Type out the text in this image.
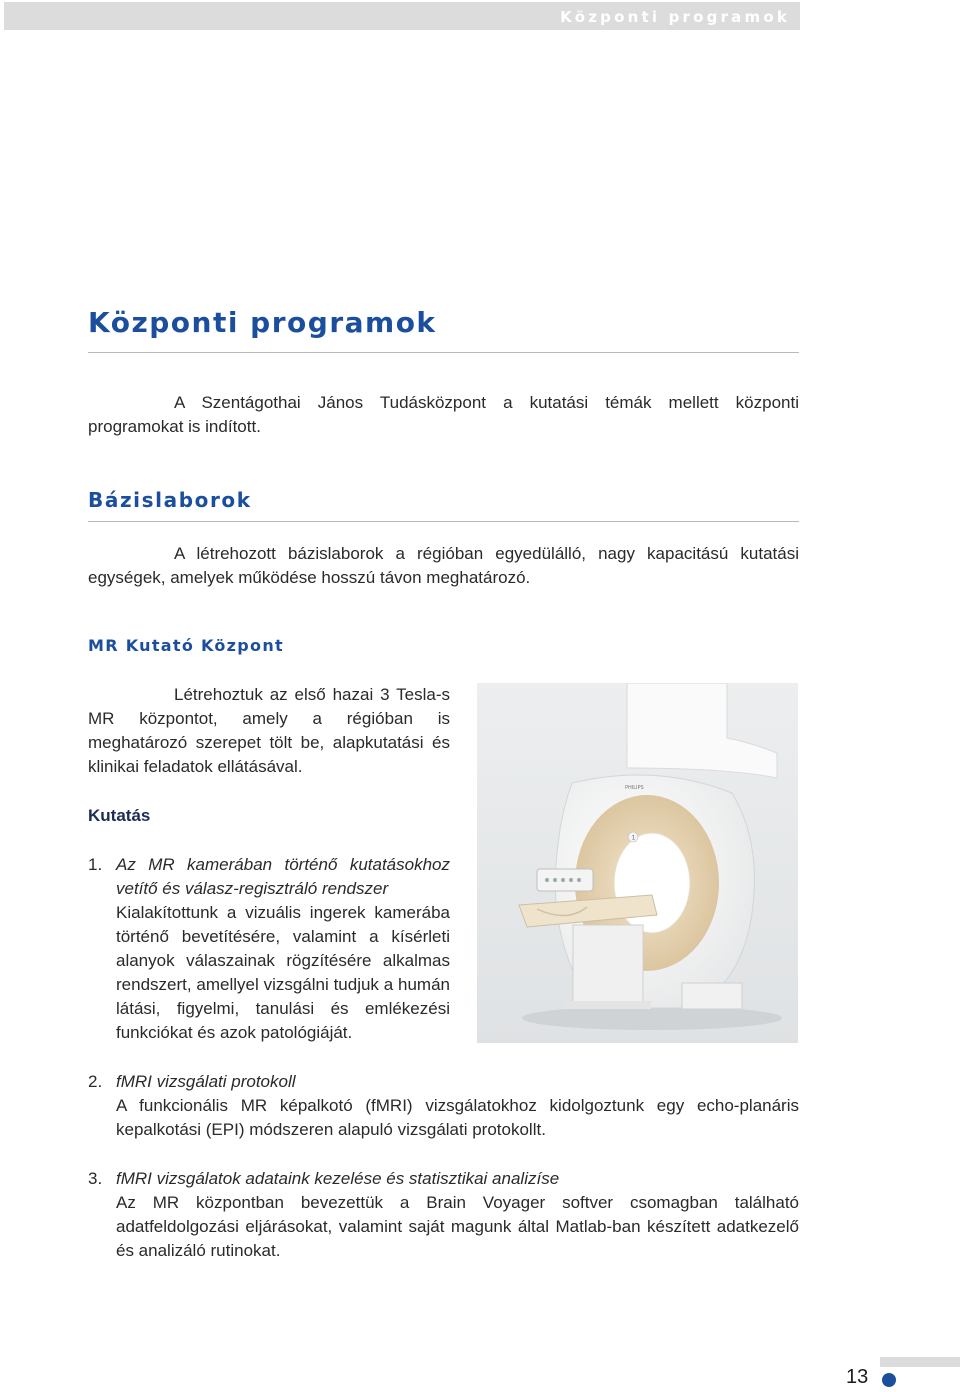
Központi programok
Központi programok
A Szentágothai János Tudásközpont a kutatási témák mellett központi programokat is indított.
Bázislaborok
A létrehozott bázislaborok a régióban egyedülálló, nagy kapacitású kutatási egységek, amelyek működése hosszú távon meghatározó.
MR Kutató Központ
Létrehoztuk az első hazai 3 Tesla-s MR központot, amely a régióban is meghatározó szerepet tölt be, alapkutatási és klinikai feladatok ellátásával.
Kutatás
1. Az MR kamerában történő kutatásokhoz vetítő és válasz-regisztráló rendszer
Kialakítottunk a vizuális ingerek kamerába történő bevetítésére, valamint a kísérleti alanyok válaszainak rögzítésére alkalmas rendszert, amellyel vizsgálni tudjuk a humán látási, figyelmi, tanulási és emlékezési funkciókat és azok patológiáját.
2. fMRI vizsgálati protokoll
A funkcionális MR képalkotó (fMRI) vizsgálatokhoz kidolgoztunk egy echo-planáris kepalkotási (EPI) módszeren alapuló vizsgálati protokollt.
3. fMRI vizsgálatok adataink kezelése és statisztikai analizíse
Az MR központban bevezettük a Brain Voyager softver csomagban található adatfeldolgozási eljárásokat, valamint saját magunk által Matlab-ban készített adatkezelő és analizáló rutinokat.
PHILIPS
1
13
